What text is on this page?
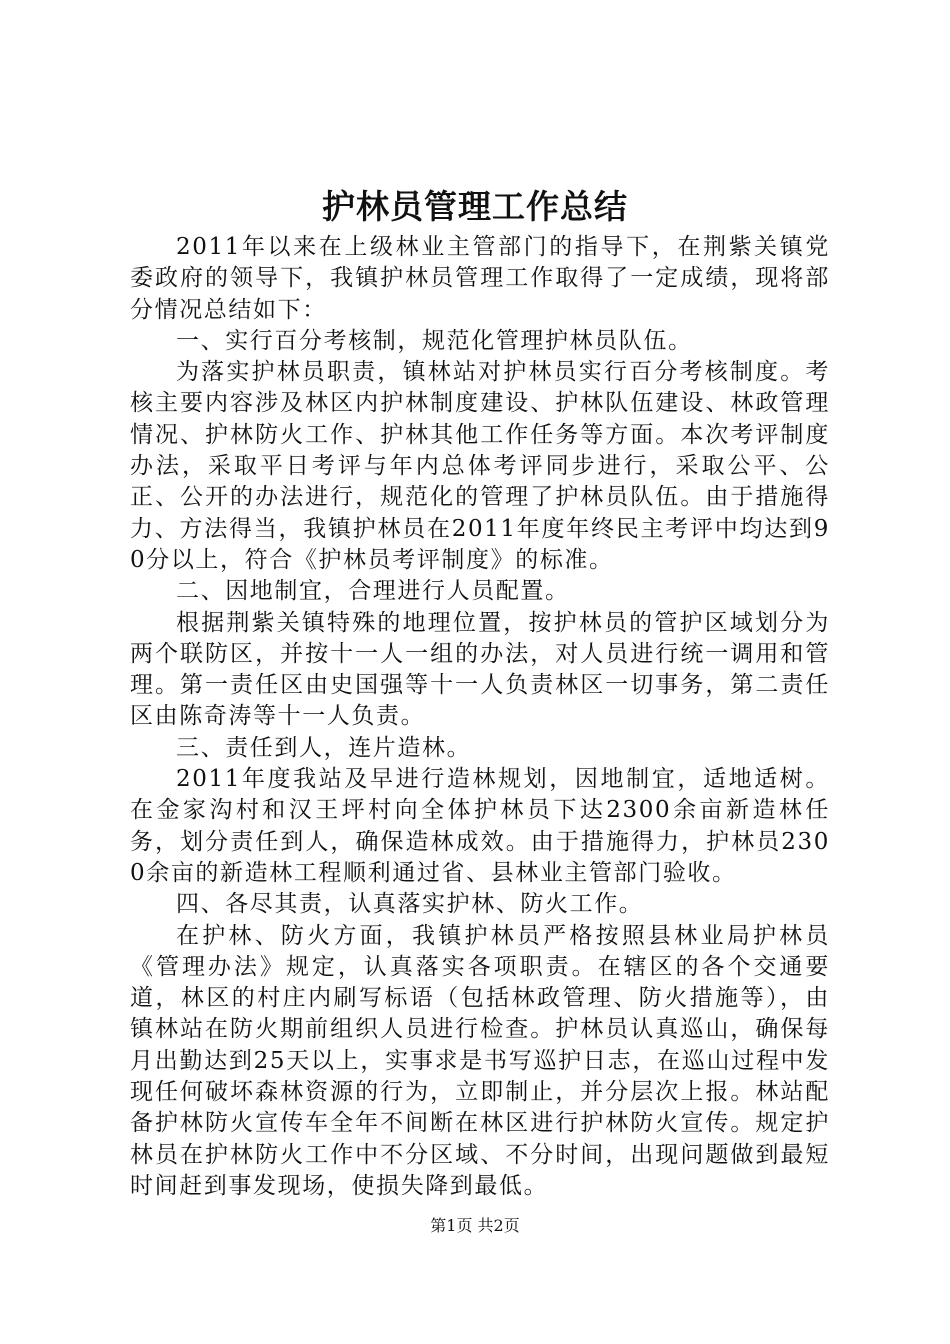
护林员管理工作总结

2011年以来在上级林业主管部门的指导下，在荆紫关镇党委政府的领导下，我镇护林员管理工作取得了一定成绩，现将部分情况总结如下：

一、实行百分考核制，规范化管理护林员队伍。

为落实护林员职责，镇林站对护林员实行百分考核制度。考核主要内容涉及林区内护林制度建设、护林队伍建设、林政管理情况、护林防火工作、护林其他工作任务等方面。本次考评制度办法，采取平日考评与年内总体考评同步进行，采取公平、公正、公开的办法进行，规范化的管理了护林员队伍。由于措施得力、方法得当，我镇护林员在2011年度年终民主考评中均达到90分以上，符合《护林员考评制度》的标准。

二、因地制宜，合理进行人员配置。

根据荆紫关镇特殊的地理位置，按护林员的管护区域划分为两个联防区，并按十一人一组的办法，对人员进行统一调用和管理。第一责任区由史国强等十一人负责林区一切事务，第二责任区由陈奇涛等十一人负责。

三、责任到人，连片造林。

2011年度我站及早进行造林规划，因地制宜，适地适树。在金家沟村和汉王坪村向全体护林员下达2300余亩新造林任务，划分责任到人，确保造林成效。由于措施得力，护林员2300余亩的新造林工程顺利通过省、县林业主管部门验收。

四、各尽其责，认真落实护林、防火工作。

在护林、防火方面，我镇护林员严格按照县林业局护林员《管理办法》规定，认真落实各项职责。在辖区的各个交通要道，林区的村庄内刷写标语（包括林政管理、防火措施等），由镇林站在防火期前组织人员进行检查。护林员认真巡山，确保每月出勤达到25天以上，实事求是书写巡护日志，在巡山过程中发现任何破坏森林资源的行为，立即制止，并分层次上报。林站配备护林防火宣传车全年不间断在林区进行护林防火宣传。规定护林员在护林防火工作中不分区域、不分时间，出现问题做到最短时间赶到事发现场，使损失降到最低。

第1页 共2页
